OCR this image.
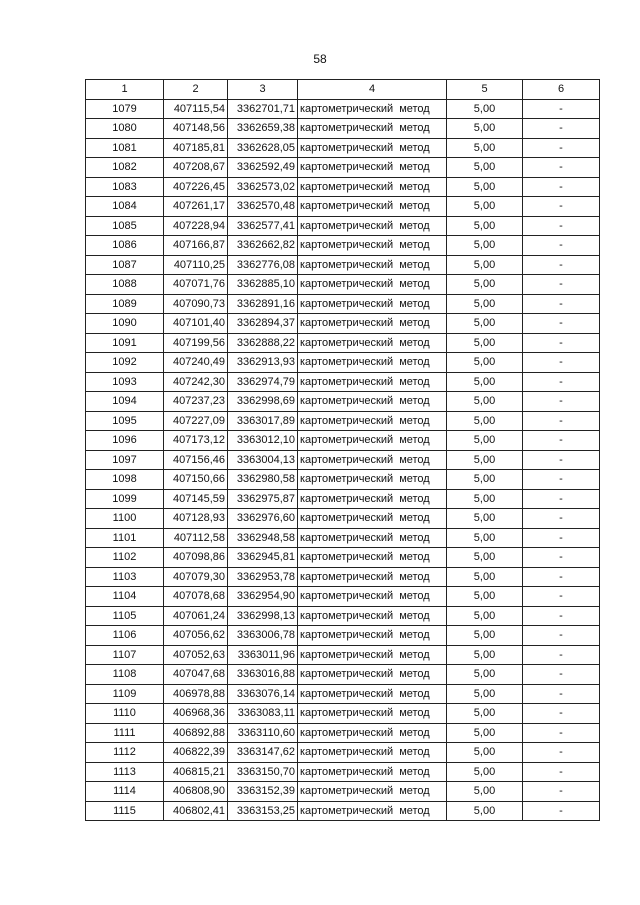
58
1	2	3	4	5	6
1079	407115,54	3362701,71	картометрический метод	5,00	-
1080	407148,56	3362659,38	картометрический метод	5,00	-
1081	407185,81	3362628,05	картометрический метод	5,00	-
1082	407208,67	3362592,49	картометрический метод	5,00	-
1083	407226,45	3362573,02	картометрический метод	5,00	-
1084	407261,17	3362570,48	картометрический метод	5,00	-
1085	407228,94	3362577,41	картометрический метод	5,00	-
1086	407166,87	3362662,82	картометрический метод	5,00	-
1087	407110,25	3362776,08	картометрический метод	5,00	-
1088	407071,76	3362885,10	картометрический метод	5,00	-
1089	407090,73	3362891,16	картометрический метод	5,00	-
1090	407101,40	3362894,37	картометрический метод	5,00	-
1091	407199,56	3362888,22	картометрический метод	5,00	-
1092	407240,49	3362913,93	картометрический метод	5,00	-
1093	407242,30	3362974,79	картометрический метод	5,00	-
1094	407237,23	3362998,69	картометрический метод	5,00	-
1095	407227,09	3363017,89	картометрический метод	5,00	-
1096	407173,12	3363012,10	картометрический метод	5,00	-
1097	407156,46	3363004,13	картометрический метод	5,00	-
1098	407150,66	3362980,58	картометрический метод	5,00	-
1099	407145,59	3362975,87	картометрический метод	5,00	-
1100	407128,93	3362976,60	картометрический метод	5,00	-
1101	407112,58	3362948,58	картометрический метод	5,00	-
1102	407098,86	3362945,81	картометрический метод	5,00	-
1103	407079,30	3362953,78	картометрический метод	5,00	-
1104	407078,68	3362954,90	картометрический метод	5,00	-
1105	407061,24	3362998,13	картометрический метод	5,00	-
1106	407056,62	3363006,78	картометрический метод	5,00	-
1107	407052,63	3363011,96	картометрический метод	5,00	-
1108	407047,68	3363016,88	картометрический метод	5,00	-
1109	406978,88	3363076,14	картометрический метод	5,00	-
1110	406968,36	3363083,11	картометрический метод	5,00	-
1111	406892,88	3363110,60	картометрический метод	5,00	-
1112	406822,39	3363147,62	картометрический метод	5,00	-
1113	406815,21	3363150,70	картометрический метод	5,00	-
1114	406808,90	3363152,39	картометрический метод	5,00	-
1115	406802,41	3363153,25	картометрический метод	5,00	-
